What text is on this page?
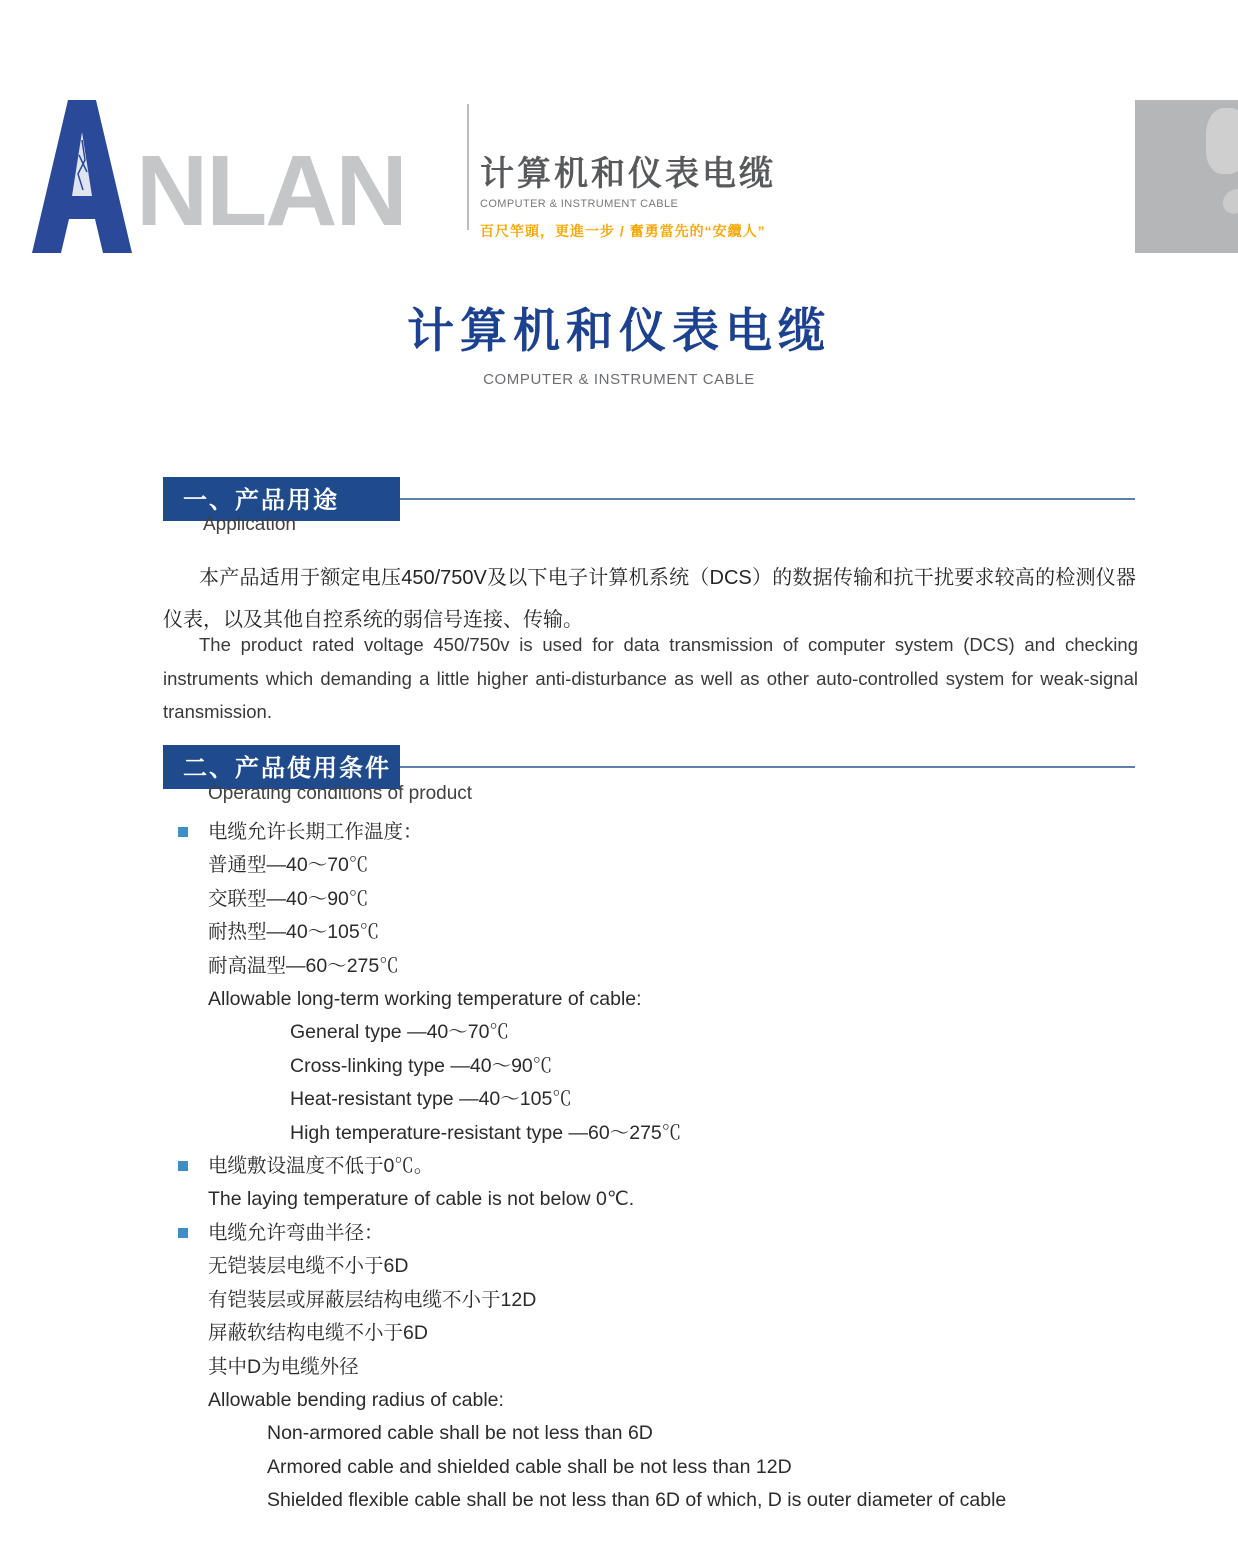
NLAN 计算机和仪表电缆
COMPUTER & INSTRUMENT CABLE
百尺竿頭，更進一步 / 奮勇當先的“安纜人”
计算机和仪表电缆
COMPUTER & INSTRUMENT CABLE
一、产品用途
Application
本产品适用于额定电压450/750V及以下电子计算机系统（DCS）的数据传输和抗干扰要求较高的检测仪器仪表，以及其他自控系统的弱信号连接、传输。
The product rated voltage 450/750v is used for data transmission of computer system (DCS) and checking instruments which demanding a little higher anti-disturbance as well as other auto-controlled system for weak-signal transmission.
二、产品使用条件
Operating conditions of product
电缆允许长期工作温度：
普通型—40～70℃
交联型—40～90℃
耐热型—40～105℃
耐高温型—60～275℃
Allowable long-term working temperature of cable:
General type —40～70℃
Cross-linking type —40～90℃
Heat-resistant type —40～105℃
High temperature-resistant type —60～275℃
电缆敷设温度不低于0℃。
The laying temperature of cable is not below 0℃.
电缆允许弯曲半径：
无铠装层电缆不小于6D
有铠装层或屏蔽层结构电缆不小于12D
屏蔽软结构电缆不小于6D
其中D为电缆外径
Allowable bending radius of cable:
Non-armored cable shall be not less than 6D
Armored cable and shielded cable shall be not less than 12D
Shielded flexible cable shall be not less than 6D of which, D is outer diameter of cable
